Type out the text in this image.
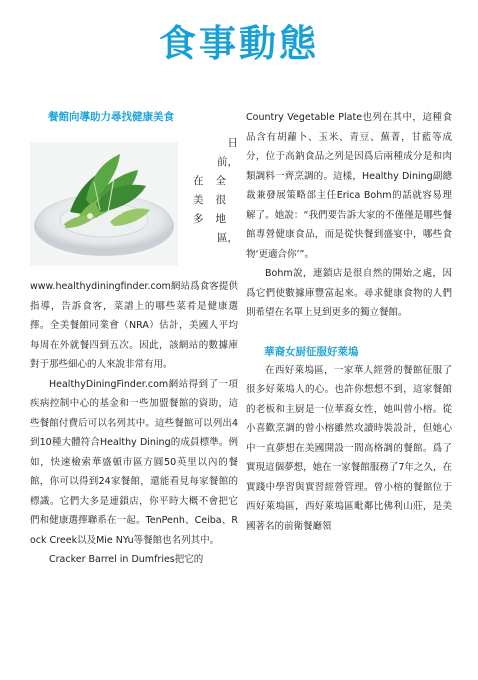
食事動態
餐館向導助力尋找健康美食
日
前，
在全
美很
多地
區，

www.healthydiningfinder.com網站爲食客提供指導，告訴食客，菜譜上的哪些菜肴是健康選擇。全美餐館同業會（NRA）估計，美國人平均每周在外就餐四到五次。因此，該網站的數據庫對于那些細心的人來說非常有用。

HealthyDiningFinder.com網站得到了一項疾病控制中心的基金和一些加盟餐館的資助，這些餐館付費后可以名列其中。這些餐館可以列出4到10種大體符合Healthy Dining的成員標準。例如，快速檢索華盛頓市區方圓50英里以內的餐館，你可以得到24家餐館，還能看見每家餐館的標識。它們大多是連鎖店，你平時大概不會把它們和健康選擇聯系在一起。TenPenh、Ceiba、Rock Creek以及Mie NYu等餐館也名列其中。

Cracker Barrel in Dumfries把它的

Country Vegetable Plate也列在其中，這種食品含有胡蘿卜、玉米、青豆、蕪菁，甘藍等成分，位于高鈉食品之列是因爲后兩種成分是和肉類調料一齊烹調的。這樣，Healthy Dining副總裁兼發展策略部主任Erica Bohm的話就容易理解了。她說：“我們要告訴大家的不僅僅是哪些餐館專營健康食品，而是從快餐到盛宴中，哪些食物‘更適合你’”。

Bohm說，連鎖店是很自然的開始之處，因爲它們使數據庫豐富起來。尋求健康食物的人們則希望在名單上見到更多的獨立餐館。

華裔女厨征服好萊塢

在西好萊塢區，一家華人經營的餐館征服了很多好萊塢人的心。也許你想想不到，這家餐館的老板和主厨是一位華裔女性，她叫曾小榕。從小喜歡烹調的曾小榕雖然攻讀時裝設計，但她心中一直夢想在美國開設一間高格調的餐館。爲了實現這個夢想，她在一家餐館服務了7年之久，在實踐中學習與實習經營管理。曾小榕的餐館位于西好萊塢區，西好萊塢區毗鄰比佛利山莊，是美國著名的前衛餐廳領
